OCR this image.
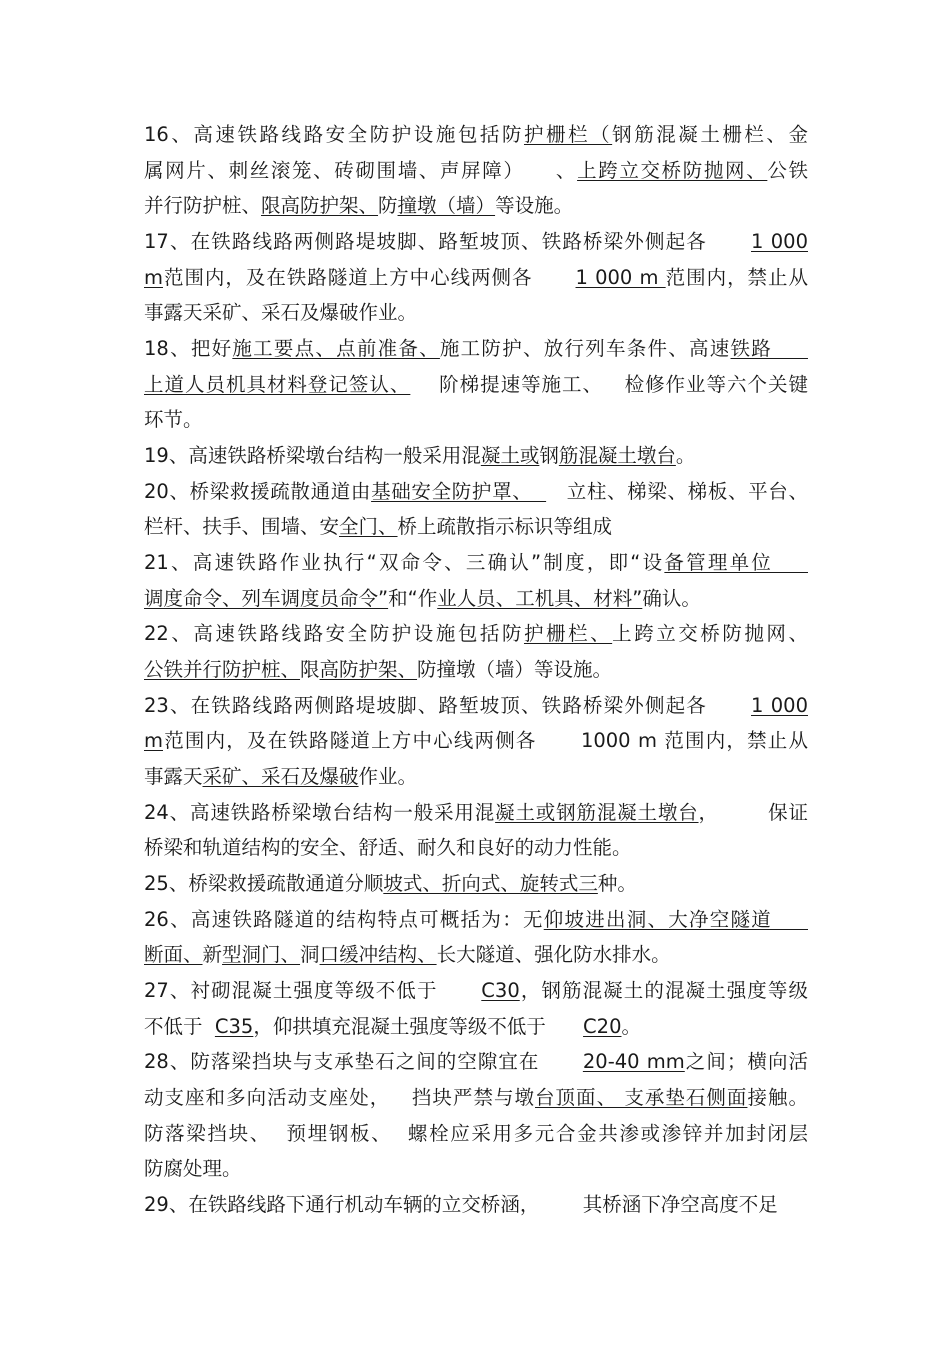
16、高速铁路线路安全防护设施包括防护栅栏（钢筋混凝土栅栏、金
属网片、刺丝滚笼、砖砌围墙、声屏障）    、上跨立交桥防抛网、公铁
并行防护桩、限高防护架、防撞墩（墙）等设施。
17、在铁路线路两侧路堤坡脚、路堑坡顶、铁路桥梁外侧起各      1 000
m范围内，及在铁路隧道上方中心线两侧各      1 000 m 范围内，禁止从
事露天采矿、采石及爆破作业。
18、把好施工要点、点前准备、施工防护、放行列车条件、高速铁路
上道人员机具材料登记签认、    阶梯提速等施工、   检修作业等六个关键
环节。
19、高速铁路桥梁墩台结构一般采用混凝土或钢筋混凝土墩台。
20、桥梁救援疏散通道由基础安全防护罩、     立柱、梯梁、梯板、平台、
栏杆、扶手、围墙、安全门、桥上疏散指示标识等组成
21、高速铁路作业执行“双命令、三确认”制度，即“设备管理单位
调度命令、列车调度员命令”和“作业人员、工机具、材料”确认。
22、高速铁路线路安全防护设施包括防护栅栏、上跨立交桥防抛网、
公铁并行防护桩、限高防护架、防撞墩（墙）等设施。
23、在铁路线路两侧路堤坡脚、路堑坡顶、铁路桥梁外侧起各      1 000
m范围内，及在铁路隧道上方中心线两侧各      1000 m 范围内，禁止从
事露天采矿、采石及爆破作业。
24、高速铁路桥梁墩台结构一般采用混凝土或钢筋混凝土墩台，       保证
桥梁和轨道结构的安全、舒适、耐久和良好的动力性能。
25、桥梁救援疏散通道分顺坡式、折向式、旋转式三种。
26、高速铁路隧道的结构特点可概括为：无仰坡进出洞、大净空隧道
断面、新型洞门、洞口缓冲结构、长大隧道、强化防水排水。
27、衬砌混凝土强度等级不低于      C30，钢筋混凝土的混凝土强度等级
不低于  C35，仰拱填充混凝土强度等级不低于      C20。
28、防落梁挡块与支承垫石之间的空隙宜在      20-40 mm之间；横向活
动支座和多向活动支座处，   挡块严禁与墩台顶面、 支承垫石侧面接触。
防落梁挡块、  预埋钢板、  螺栓应采用多元合金共渗或渗锌并加封闭层
防腐处理。
29、在铁路线路下通行机动车辆的立交桥涵，       其桥涵下净空高度不足
